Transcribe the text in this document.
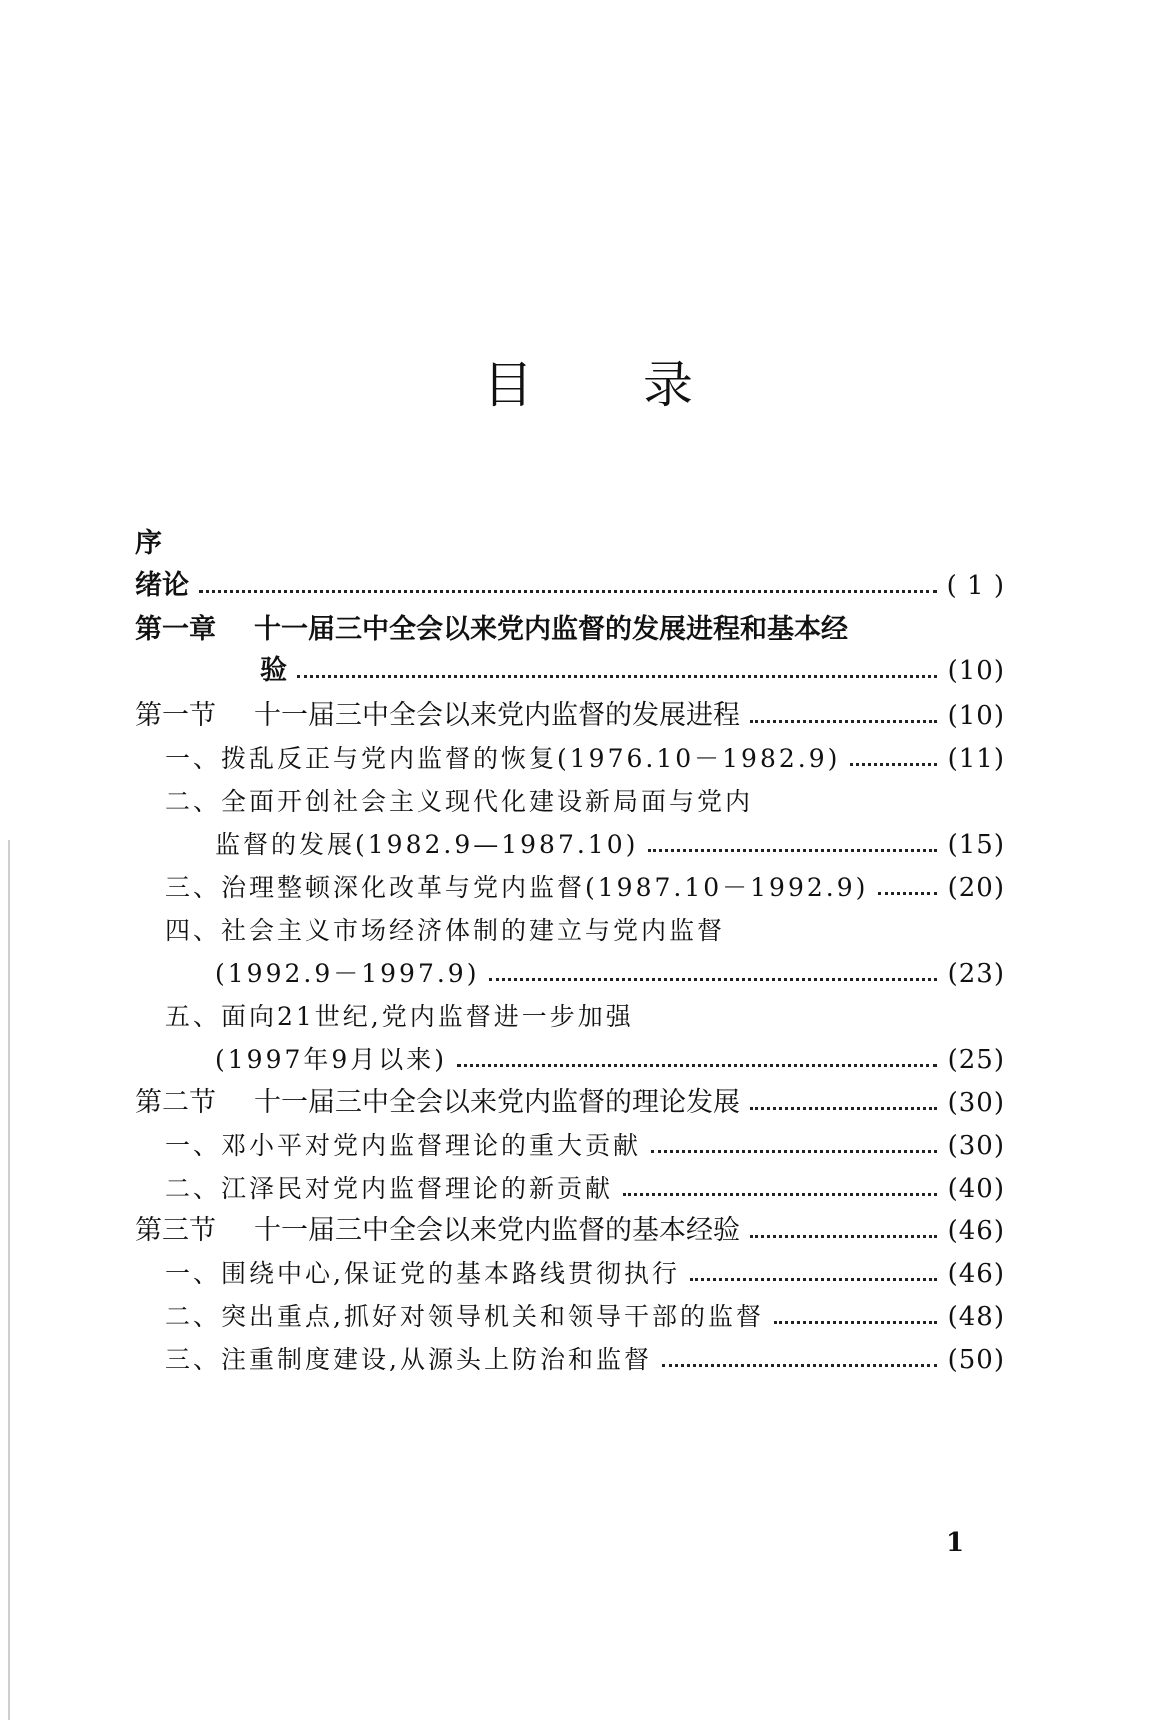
目录
序
绪论	( 1 )
第一章 十一届三中全会以来党内监督的发展进程和基本经
验	(10)
第一节 十一届三中全会以来党内监督的发展进程	(10)
一、拨乱反正与党内监督的恢复(1976.10－1982.9)	(11)
二、全面开创社会主义现代化建设新局面与党内
监督的发展(1982.9—1987.10)	(15)
三、治理整顿深化改革与党内监督(1987.10－1992.9)	(20)
四、社会主义市场经济体制的建立与党内监督
(1992.9－1997.9)	(23)
五、面向21世纪,党内监督进一步加强
(1997年9月以来)	(25)
第二节 十一届三中全会以来党内监督的理论发展	(30)
一、邓小平对党内监督理论的重大贡献	(30)
二、江泽民对党内监督理论的新贡献	(40)
第三节 十一届三中全会以来党内监督的基本经验	(46)
一、围绕中心,保证党的基本路线贯彻执行	(46)
二、突出重点,抓好对领导机关和领导干部的监督	(48)
三、注重制度建设,从源头上防治和监督	(50)
1
